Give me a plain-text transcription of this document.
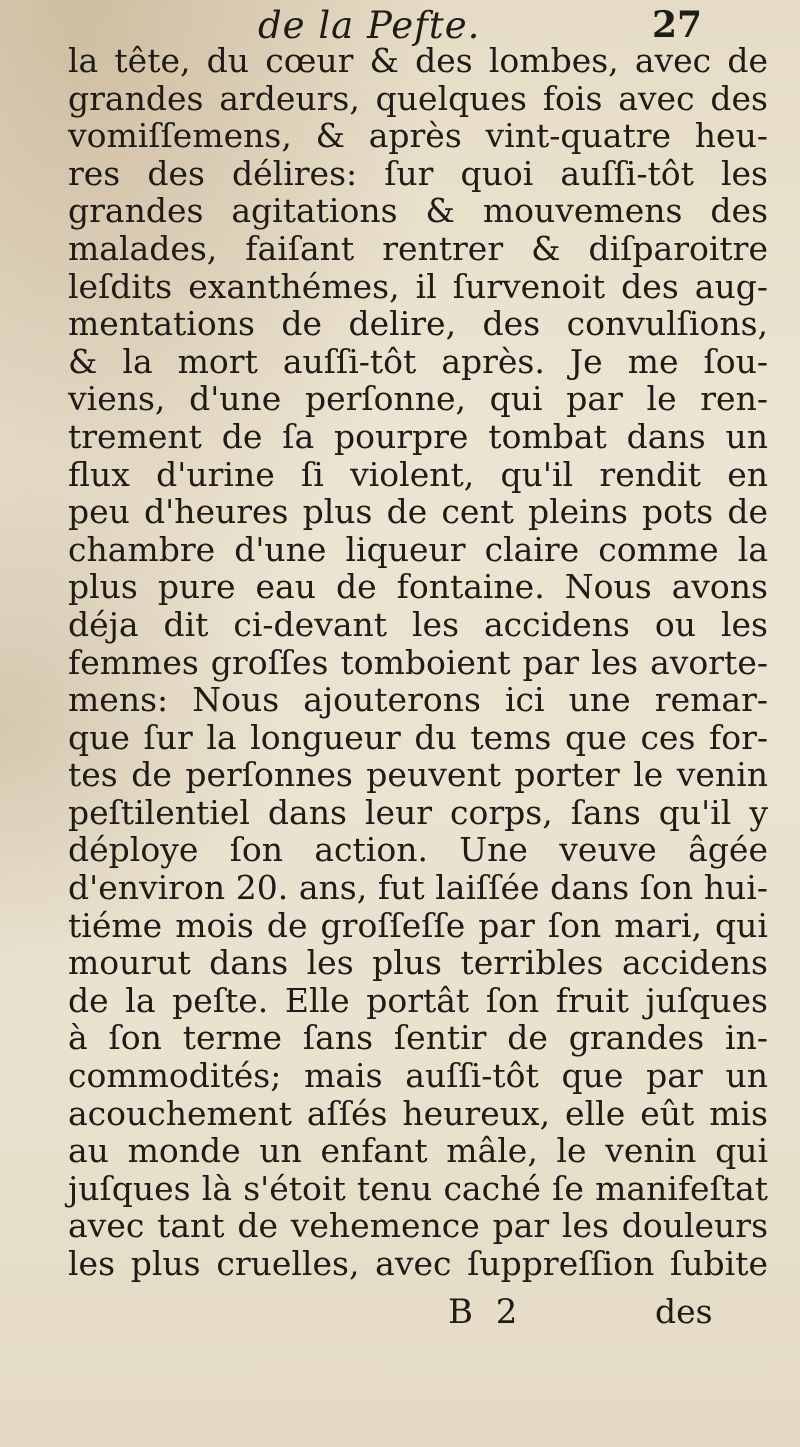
de la Pefte.	27
la tête, du cœur & des lombes, avec de
grandes ardeurs, quelques fois avec des
vomiſſemens, & après vint-quatre heu-
res des délires: ſur quoi auſſi-tôt les
grandes agitations & mouvemens des
malades, faiſant rentrer & diſparoitre
leſdits exanthémes, il ſurvenoit des aug-
mentations de delire, des convulſions,
& la mort auſſi-tôt après. Je me ſou-
viens, d'une perſonne, qui par le ren-
trement de ſa pourpre tombat dans un
flux d'urine ſi violent, qu'il rendit en
peu d'heures plus de cent pleins pots de
chambre d'une liqueur claire comme la
plus pure eau de fontaine. Nous avons
déja dit ci-devant les accidens ou les
femmes groſſes tomboient par les avorte-
mens: Nous ajouterons ici une remar-
que ſur la longueur du tems que ces for-
tes de perſonnes peuvent porter le venin
peſtilentiel dans leur corps, ſans qu'il y
déploye ſon action. Une veuve âgée
d'environ 20. ans, fut laiſſée dans ſon hui-
tiéme mois de groſſeſſe par ſon mari, qui
mourut dans les plus terribles accidens
de la peſte. Elle portât ſon fruit juſques
à ſon terme ſans ſentir de grandes in-
commodités; mais auſſi-tôt que par un
acouchement aſſés heureux, elle eût mis
au monde un enfant mâle, le venin qui
juſques là s'étoit tenu caché ſe manifeſtat
avec tant de vehemence par les douleurs
les plus cruelles, avec ſuppreſſion ſubite
B 2	des
